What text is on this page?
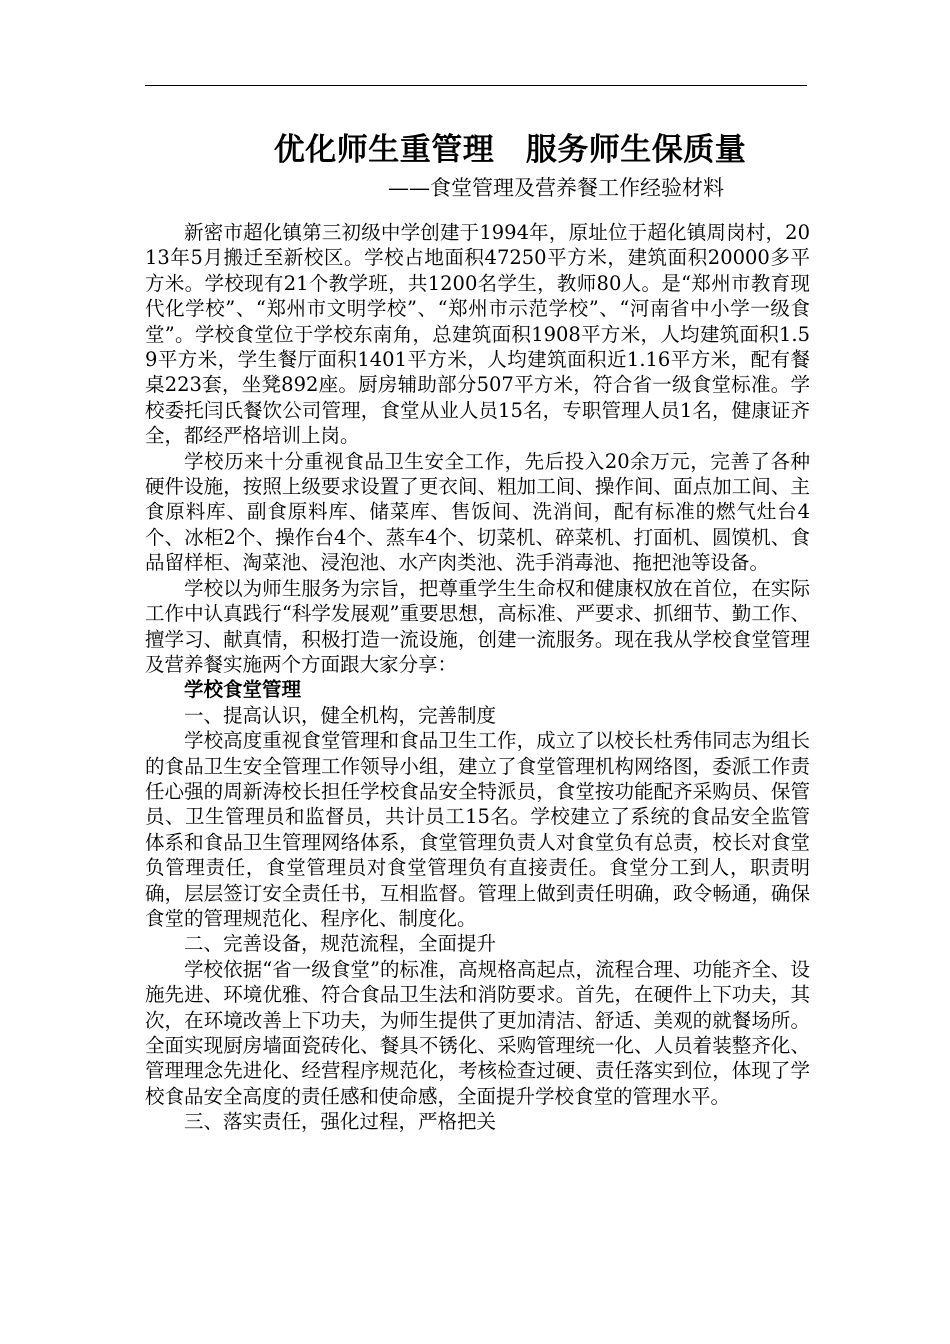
优化师生重管理　服务师生保质量
——食堂管理及营养餐工作经验材料

新密市超化镇第三初级中学创建于1994年，原址位于超化镇周岗村，2013年5月搬迁至新校区。学校占地面积47250平方米，建筑面积20000多平方米。学校现有21个教学班，共1200名学生，教师80人。是“郑州市教育现代化学校”、“郑州市文明学校”、“郑州市示范学校”、“河南省中小学一级食堂”。学校食堂位于学校东南角，总建筑面积1908平方米，人均建筑面积1.59平方米，学生餐厅面积1401平方米，人均建筑面积近1.16平方米，配有餐桌223套，坐凳892座。厨房辅助部分507平方米，符合省一级食堂标准。学校委托闫氏餐饮公司管理，食堂从业人员15名，专职管理人员1名，健康证齐全，都经严格培训上岗。

学校历来十分重视食品卫生安全工作，先后投入20余万元，完善了各种硬件设施，按照上级要求设置了更衣间、粗加工间、操作间、面点加工间、主食原料库、副食原料库、储菜库、售饭间、洗消间，配有标准的燃气灶台4个、冰柜2个、操作台4个、蒸车4个、切菜机、碎菜机、打面机、圆馍机、食品留样柜、淘菜池、浸泡池、水产肉类池、洗手消毒池、拖把池等设备。

学校以为师生服务为宗旨，把尊重学生生命权和健康权放在首位，在实际工作中认真践行“科学发展观”重要思想，高标准、严要求、抓细节、勤工作、擅学习、献真情，积极打造一流设施，创建一流服务。现在我从学校食堂管理及营养餐实施两个方面跟大家分享：

学校食堂管理

一、提高认识，健全机构，完善制度

学校高度重视食堂管理和食品卫生工作，成立了以校长杜秀伟同志为组长的食品卫生安全管理工作领导小组，建立了食堂管理机构网络图，委派工作责任心强的周新涛校长担任学校食品安全特派员，食堂按功能配齐采购员、保管员、卫生管理员和监督员，共计员工15名。学校建立了系统的食品安全监管体系和食品卫生管理网络体系，食堂管理负责人对食堂负有总责，校长对食堂负管理责任，食堂管理员对食堂管理负有直接责任。食堂分工到人，职责明确，层层签订安全责任书，互相监督。管理上做到责任明确，政令畅通，确保食堂的管理规范化、程序化、制度化。

二、完善设备，规范流程，全面提升

学校依据“省一级食堂”的标准，高规格高起点，流程合理、功能齐全、设施先进、环境优雅、符合食品卫生法和消防要求。首先，在硬件上下功夫，其次，在环境改善上下功夫，为师生提供了更加清洁、舒适、美观的就餐场所。全面实现厨房墙面瓷砖化、餐具不锈化、采购管理统一化、人员着装整齐化、管理理念先进化、经营程序规范化，考核检查过硬、责任落实到位，体现了学校食品安全高度的责任感和使命感，全面提升学校食堂的管理水平。

三、落实责任，强化过程，严格把关
